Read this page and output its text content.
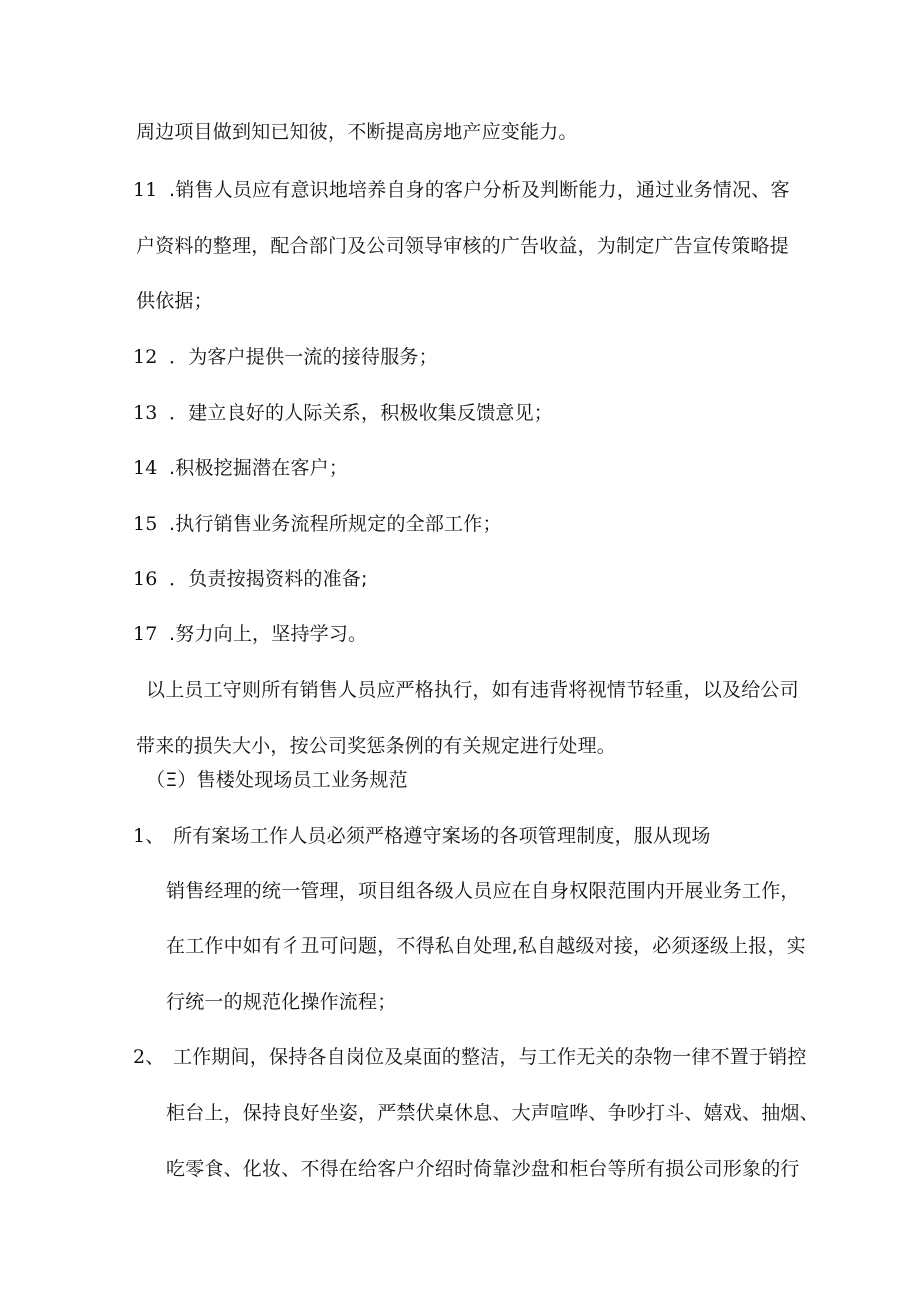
周边项目做到知已知彼，不断提高房地产应变能力。
11 .销售人员应有意识地培养自身的客户分析及判断能力，通过业务情况、客
户资料的整理，配合部门及公司领导审核的广告收益，为制定广告宣传策略提
供依据；
12 ．为客户提供一流的接待服务；
13 ．建立良好的人际关系，积极收集反馈意见；
14 .积极挖掘潜在客户；
15 .执行销售业务流程所规定的全部工作；
16 ．负责按揭资料的准备;
17 .努力向上，坚持学习。
以上员工守则所有销售人员应严格执行，如有违背将视情节轻重，以及给公司
带来的损失大小，按公司奖惩条例的有关规定进行处理。
（Ξ）售楼处现场员工业务规范
1、 所有案场工作人员必须严格遵守案场的各项管理制度，服从现场
销售经理的统一管理，项目组各级人员应在自身权限范围内开展业务工作，
在工作中如有彳丑可问题，不得私自处理,私自越级对接，必须逐级上报，实
行统一的规范化操作流程；
2、 工作期间，保持各自岗位及桌面的整洁，与工作无关的杂物一律不置于销控
柜台上，保持良好坐姿，严禁伏桌休息、大声喧哗、争吵打斗、嬉戏、抽烟、
吃零食、化妆、不得在给客户介绍时倚靠沙盘和柜台等所有损公司形象的行
